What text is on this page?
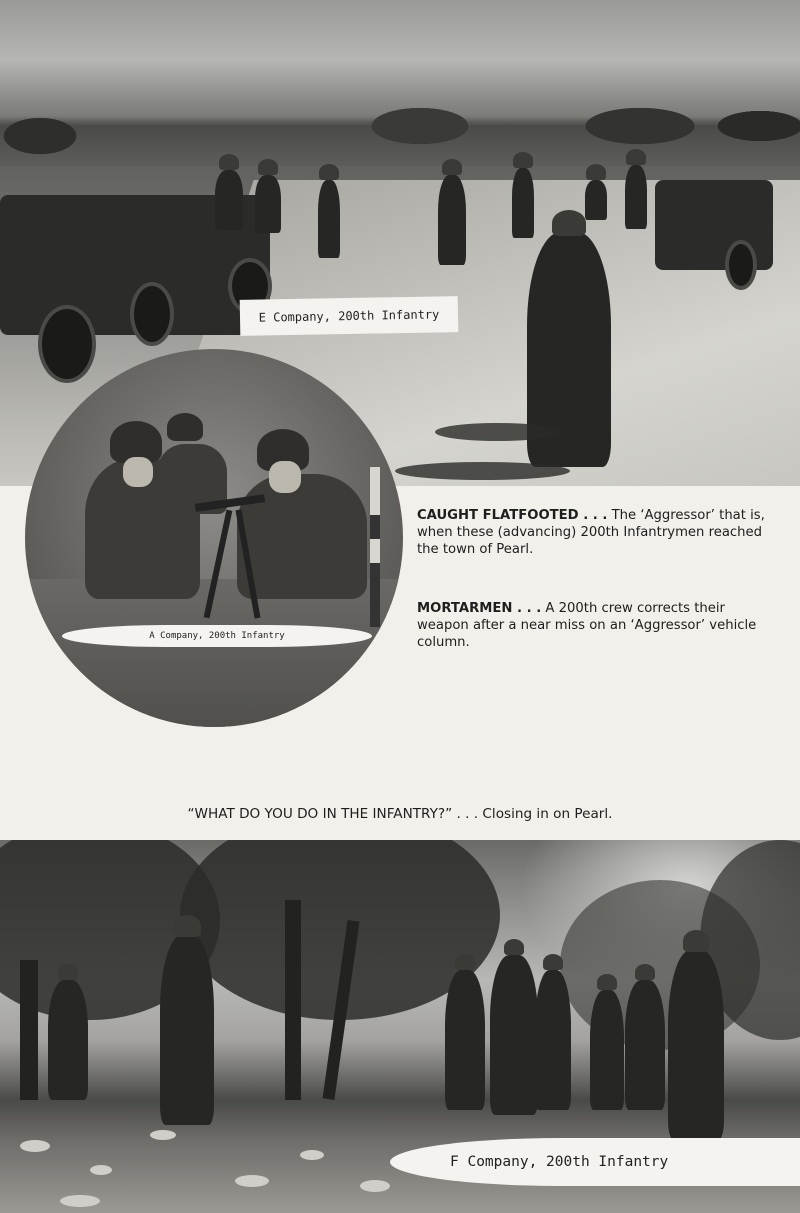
E Company, 200th Infantry
A Company, 200th Infantry
CAUGHT FLATFOOTED . . . The ‘Aggressor’ that is, when these (advancing) 200th Infantrymen reached the town of Pearl.
MORTARMEN . . . A 200th crew corrects their weapon after a near miss on an ‘Aggressor’ vehicle column.
“WHAT DO YOU DO IN THE INFANTRY?” . . . Closing in on Pearl.
F Company, 200th Infantry
